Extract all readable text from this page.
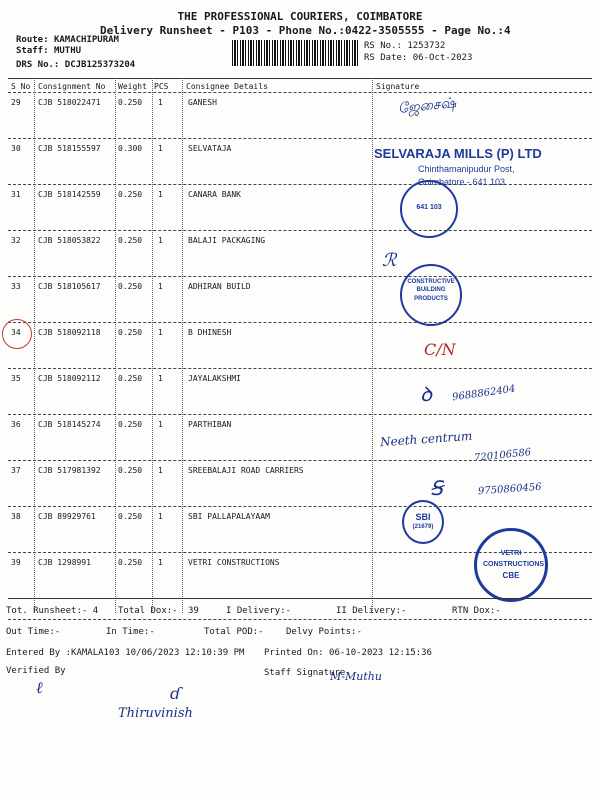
THE PROFESSIONAL COURIERS, COIMBATORE
Delivery Runsheet - P103 - Phone No.:0422-3505555 - Page No.:4
Route: KAMACHIPURAM
Staff: MUTHU
DRS No.: DCJB125373204
RS No.: 1253732
RS Date: 06-Oct-2023
S No Consignment No Weight PCS Consignee Details	Signature
29 CJB 518022471 0.250 1	GANESH
30 CJB 518155597 0.300 1	SELVATAJA
31 CJB 518142559 0.250 1	CANARA BANK
32 CJB 518053822 0.250 1	BALAJI PACKAGING
33 CJB 518105617 0.250 1	ADHIRAN BUILD
34 CJB 518092118 0.250 1	B DHINESH
35 CJB 518092112 0.250 1	JAYALAKSHMI
36 CJB 518145274 0.250 1	PARTHIBAN
37 CJB 517981392 0.250 1	SREEBALAJI ROAD CARRIERS
38 CJB 89929761	0.250 1	SBI PALLAPALAYAAM
39 CJB 1298991	0.250 1	VETRI CONSTRUCTIONS
ஜேசைஷ்
C/N
ꝺ 9688862404
Neeth centrum
720106586
Ꞩ	9750860456
ℛ
M-Muthu
ℓ	ɗ
Thiruvinish
SELVARAJA MILLS (P) LTD
Chinthamanipudur Post,
Coimbatore - 641 103
641 103
CONSTRUCTIVE BUILDING PRODUCTS
SBI
(21679)
VETRI CONSTRUCTIONS
CBE
Tot. Runsheet:- 4 Total Dox:- 39	I Delivery:-	II Delivery:-	RTN Dox:-
Out Time:-	In Time:-	Total POD:- Delvy Points:-
Entered By :KAMALA103 10/06/2023 12:10:39 PM Printed On: 06-10-2023 12:15:36
Verified By	Staff Signature
